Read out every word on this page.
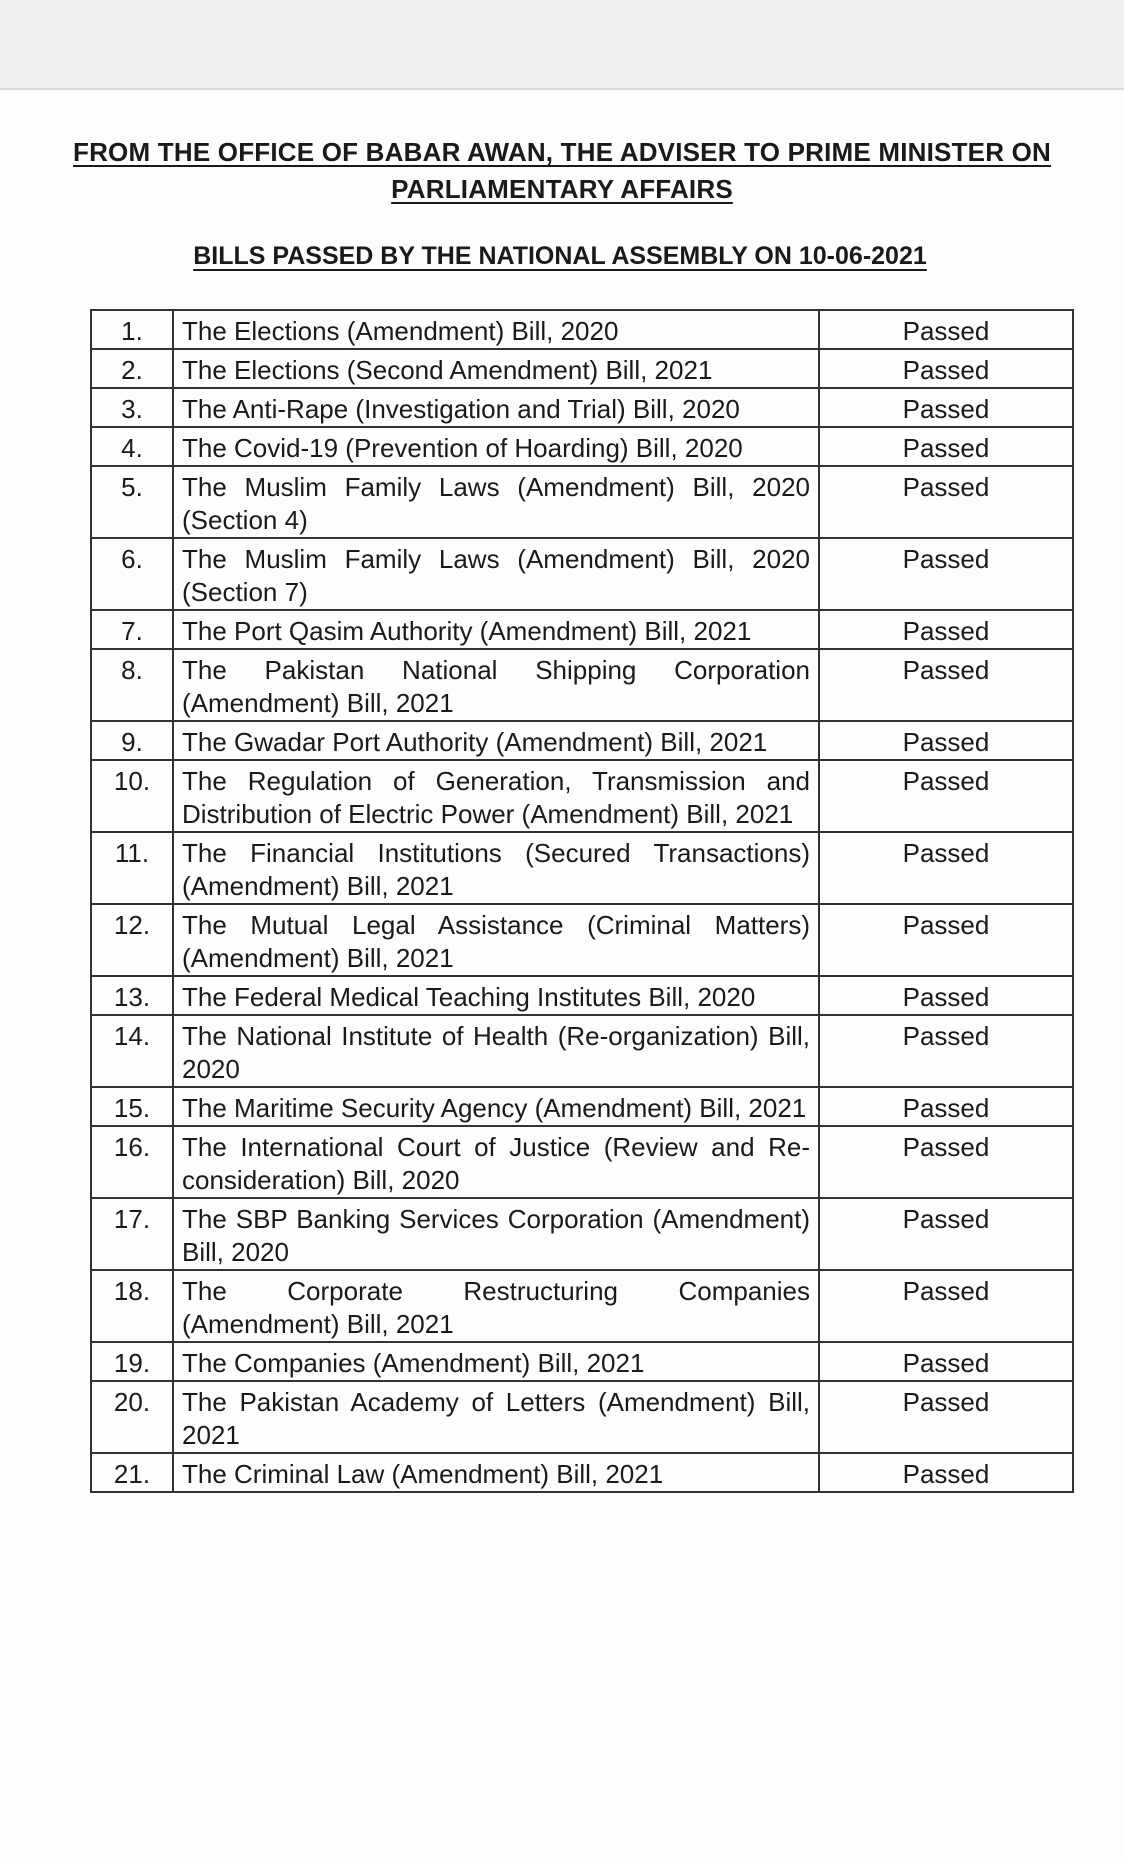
FROM THE OFFICE OF BABAR AWAN, THE ADVISER TO PRIME MINISTER ON
PARLIAMENTARY AFFAIRS
BILLS PASSED BY THE NATIONAL ASSEMBLY ON 10-06-2021
1.	The Elections (Amendment) Bill, 2020	Passed
2.	The Elections (Second Amendment) Bill, 2021	Passed
3.	The Anti-Rape (Investigation and Trial) Bill, 2020	Passed
4.	The Covid-19 (Prevention of Hoarding) Bill, 2020	Passed
5.	The Muslim Family Laws (Amendment) Bill, 2020 (Section 4)	Passed
6.	The Muslim Family Laws (Amendment) Bill, 2020 (Section 7)	Passed
7.	The Port Qasim Authority (Amendment) Bill, 2021	Passed
8.	The Pakistan National Shipping Corporation (Amendment) Bill, 2021	Passed
9.	The Gwadar Port Authority (Amendment) Bill, 2021	Passed
10.	The Regulation of Generation, Transmission and Distribution of Electric Power (Amendment) Bill, 2021	Passed
11.	The Financial Institutions (Secured Transactions) (Amendment) Bill, 2021	Passed
12.	The Mutual Legal Assistance (Criminal Matters) (Amendment) Bill, 2021	Passed
13.	The Federal Medical Teaching Institutes Bill, 2020	Passed
14.	The National Institute of Health (Re-organization) Bill, 2020	Passed
15.	The Maritime Security Agency (Amendment) Bill, 2021	Passed
16.	The International Court of Justice (Review and Re-consideration) Bill, 2020	Passed
17.	The SBP Banking Services Corporation (Amendment) Bill, 2020	Passed
18.	The Corporate Restructuring Companies (Amendment) Bill, 2021	Passed
19.	The Companies (Amendment) Bill, 2021	Passed
20.	The Pakistan Academy of Letters (Amendment) Bill, 2021	Passed
21.	The Criminal Law (Amendment) Bill, 2021	Passed
